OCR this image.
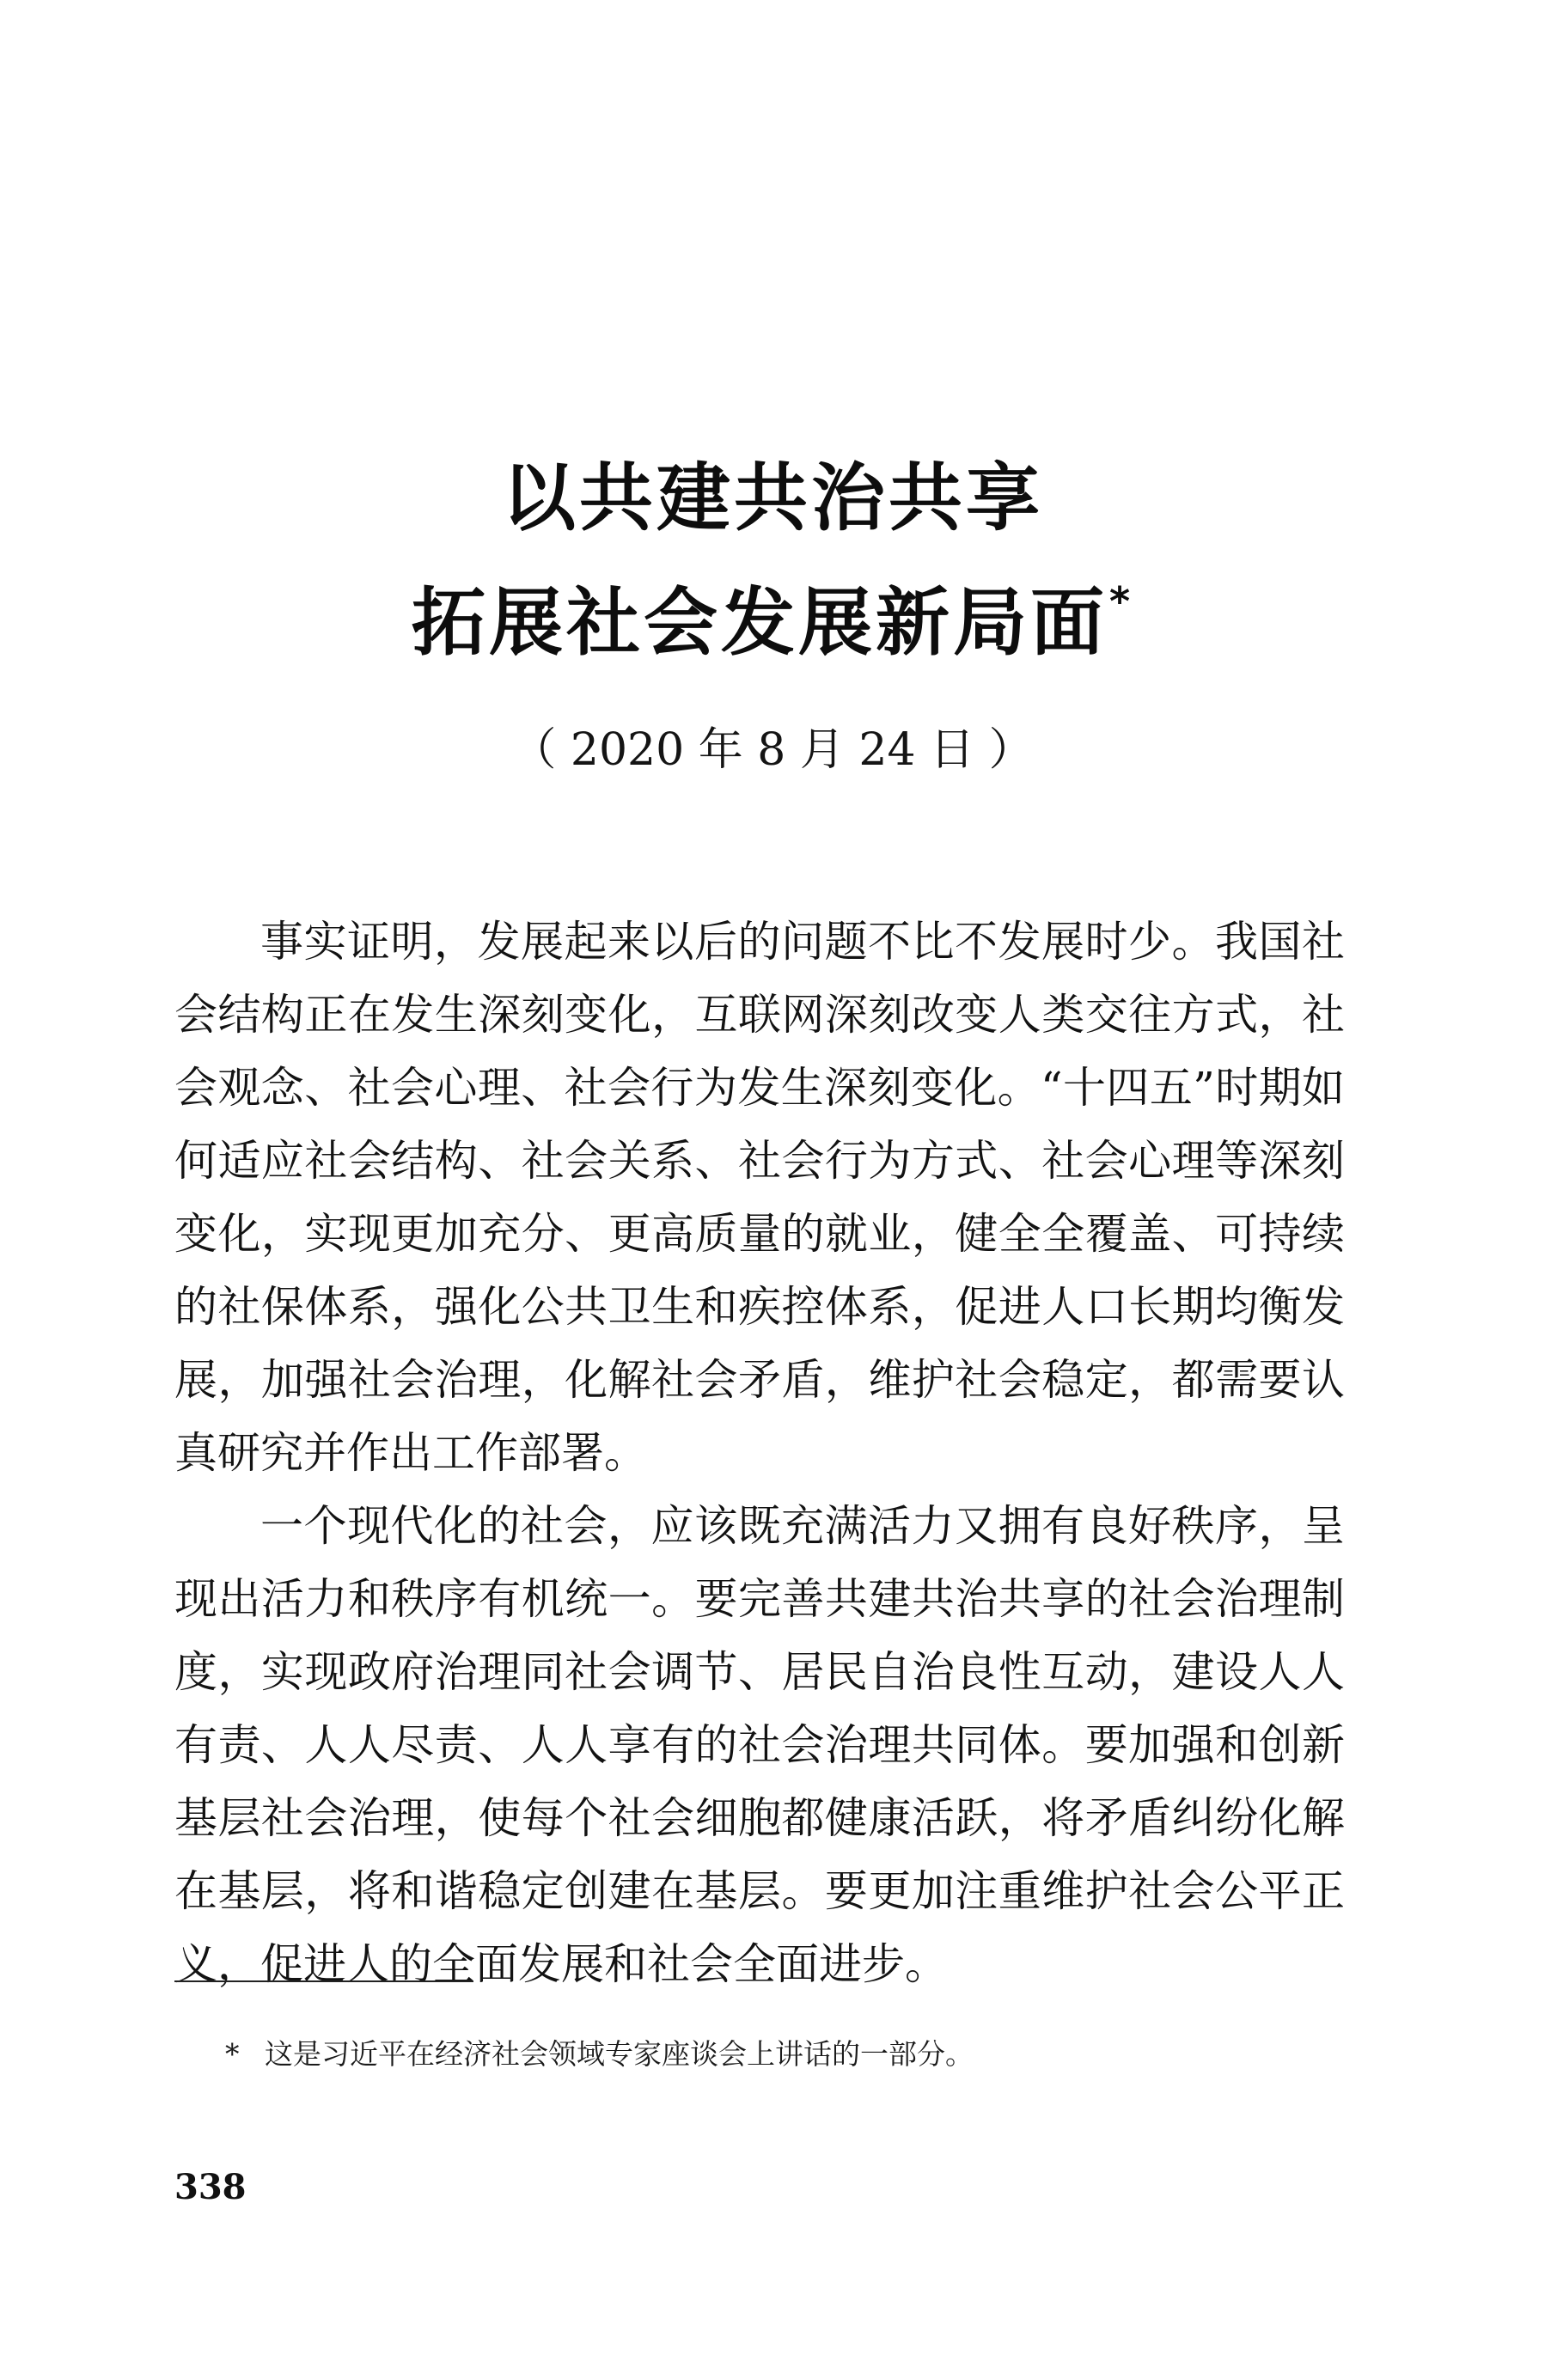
以共建共治共享
拓展社会发展新局面*
（ 2020 年 8 月 24 日 ）

事实证明，发展起来以后的问题不比不发展时少。我国社会结构正在发生深刻变化，互联网深刻改变人类交往方式，社会观念、社会心理、社会行为发生深刻变化。“十四五”时期如何适应社会结构、社会关系、社会行为方式、社会心理等深刻变化，实现更加充分、更高质量的就业，健全全覆盖、可持续的社保体系，强化公共卫生和疾控体系，促进人口长期均衡发展，加强社会治理，化解社会矛盾，维护社会稳定，都需要认真研究并作出工作部署。

一个现代化的社会，应该既充满活力又拥有良好秩序，呈现出活力和秩序有机统一。要完善共建共治共享的社会治理制度，实现政府治理同社会调节、居民自治良性互动，建设人人有责、人人尽责、人人享有的社会治理共同体。要加强和创新基层社会治理，使每个社会细胞都健康活跃，将矛盾纠纷化解在基层，将和谐稳定创建在基层。要更加注重维护社会公平正义，促进人的全面发展和社会全面进步。

* 这是习近平在经济社会领域专家座谈会上讲话的一部分。
338
